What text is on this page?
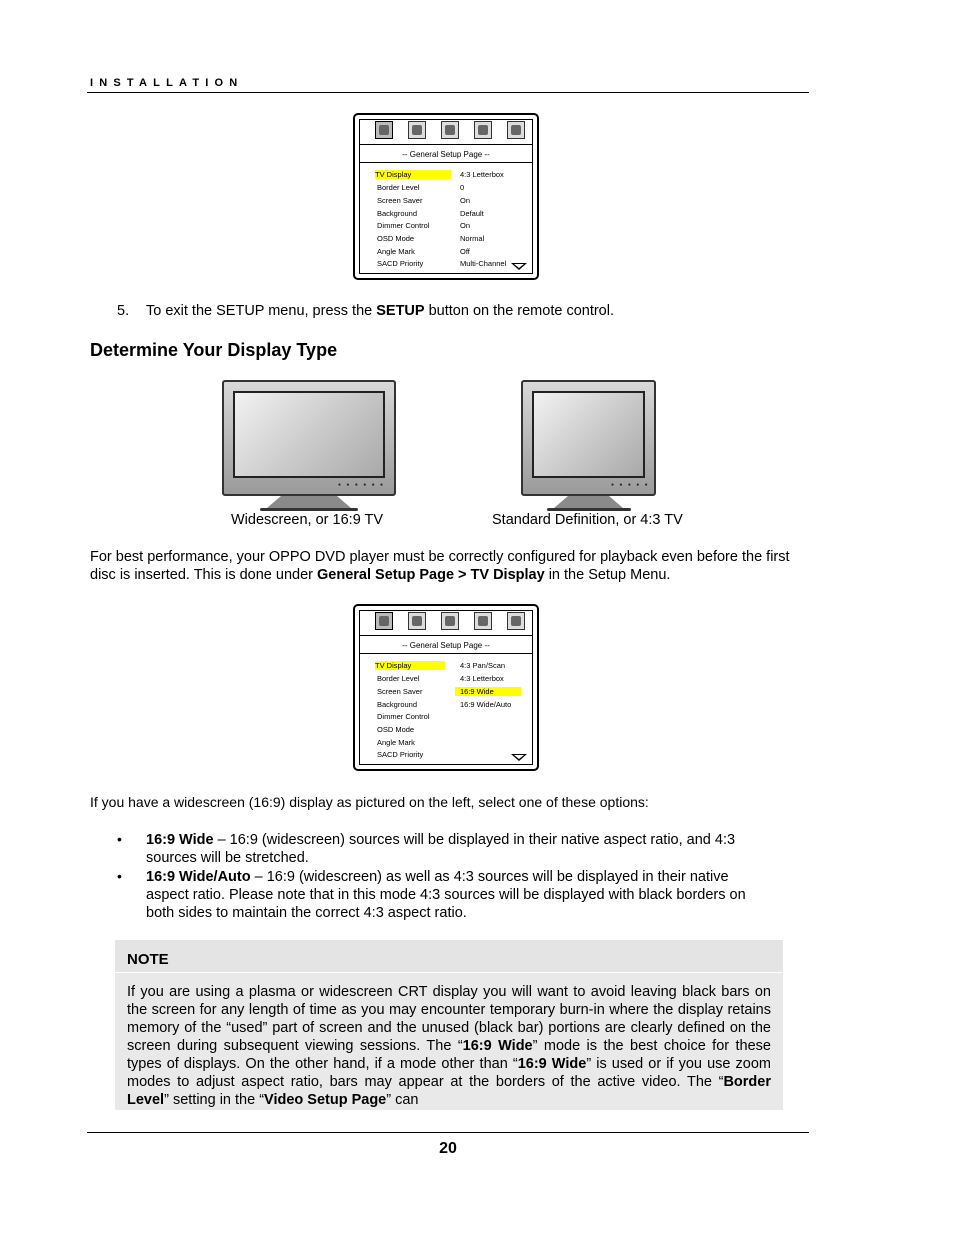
INSTALLATION
-- General Setup Page --
TV Display
Border Level
Screen Saver
Background
Dimmer Control
OSD Mode
Angle Mark
SACD Priority
4:3 Letterbox
0
On
Default
On
Normal
Off
Multi-Channel
5. To exit the SETUP menu, press the SETUP button on the remote control.
Determine Your Display Type
● ● ● ● ● ●	● ● ● ● ●
Widescreen, or 16:9 TV	Standard Definition, or 4:3 TV
For best performance, your OPPO DVD player must be correctly configured for playback even before the first
disc is inserted. This is done under General Setup Page > TV Display in the Setup Menu.
-- General Setup Page --
TV Display
Border Level
Screen Saver
Background
Dimmer Control
OSD Mode
Angle Mark
SACD Priority
4:3 Pan/Scan
4:3 Letterbox
16:9 Wide
16:9 Wide/Auto
If you have a widescreen (16:9) display as pictured on the left, select one of these options:
• 16:9 Wide – 16:9 (widescreen) sources will be displayed in their native aspect ratio, and 4:3
sources will be stretched.
• 16:9 Wide/Auto – 16:9 (widescreen) as well as 4:3 sources will be displayed in their native
aspect ratio. Please note that in this mode 4:3 sources will be displayed with black borders on
both sides to maintain the correct 4:3 aspect ratio.
NOTE
If you are using a plasma or widescreen CRT display you will want to avoid leaving black bars on the screen for any length of time as you may encounter temporary burn-in where the display retains memory of the “used” part of screen and the unused (black bar) portions are clearly defined on the screen during subsequent viewing sessions. The “16:9 Wide” mode is the best choice for these types of displays. On the other hand, if a mode other than “16:9 Wide” is used or if you use zoom modes to adjust aspect ratio, bars may appear at the borders of the active video. The “Border Level” setting in the “Video Setup Page” can
20
